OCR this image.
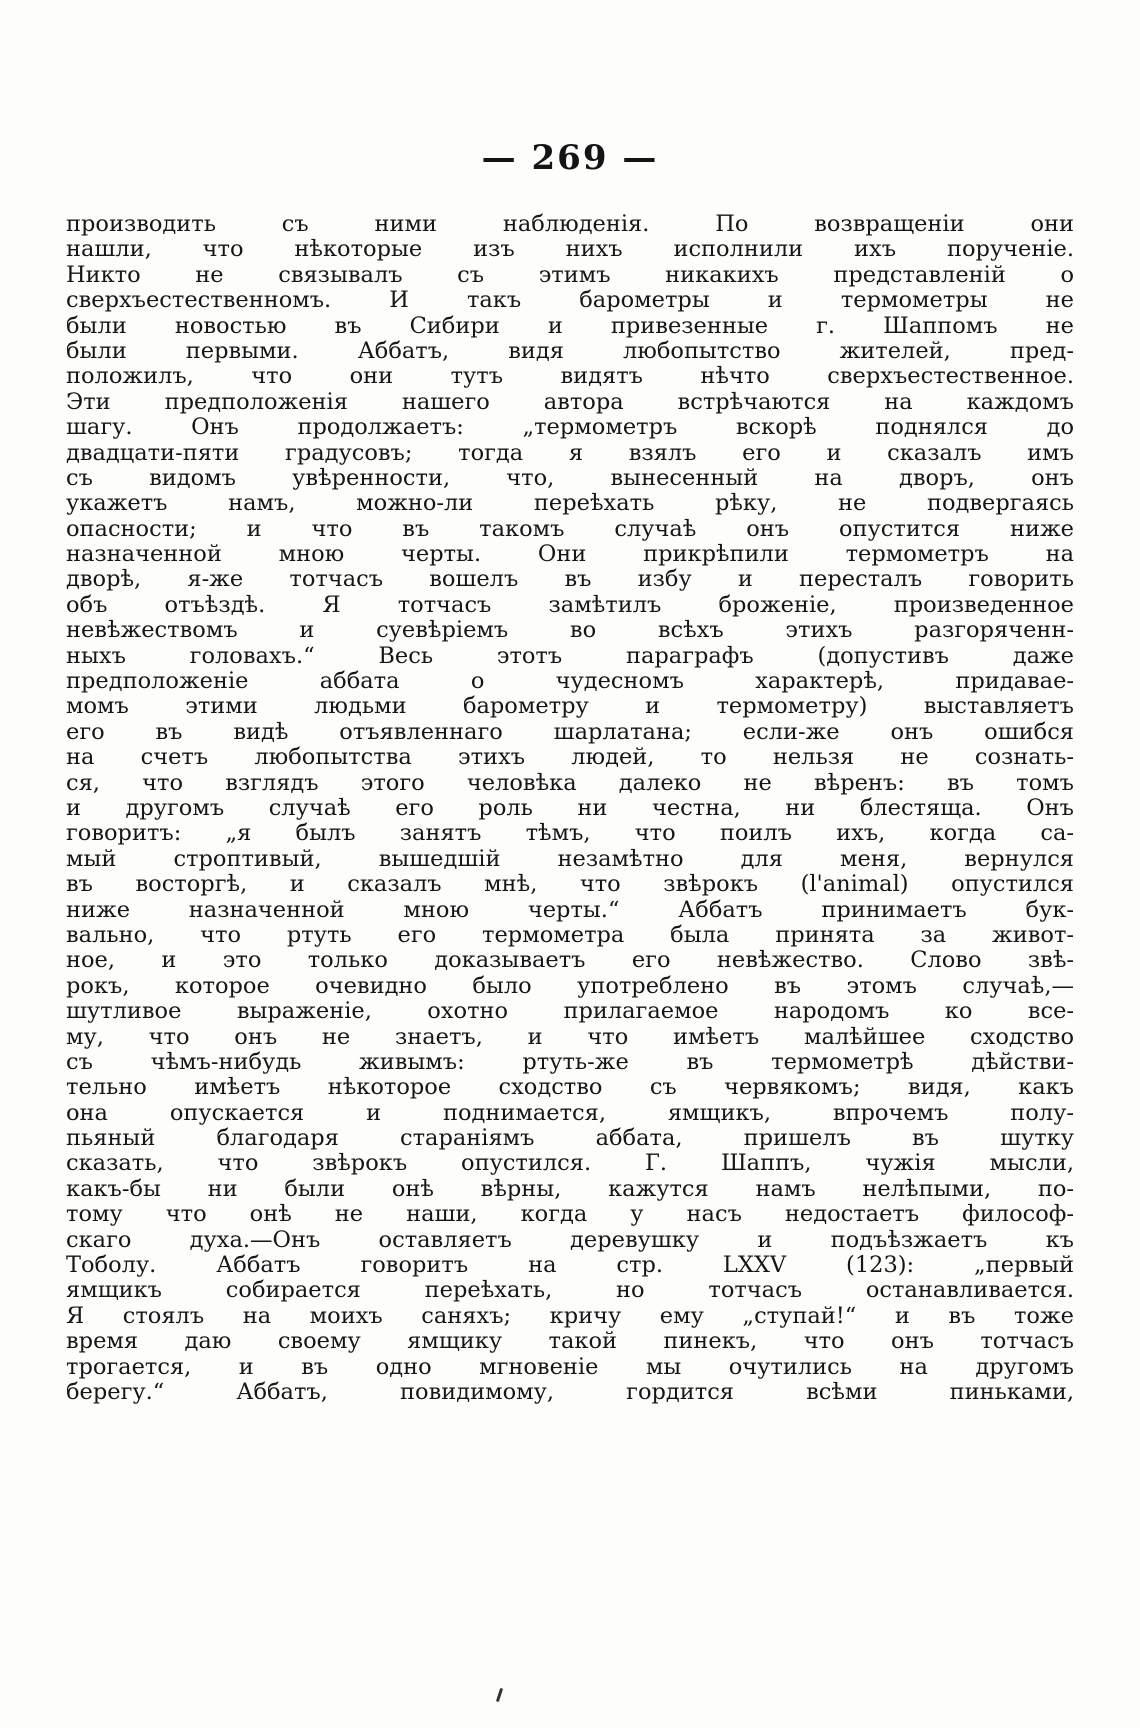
— 269 —
производить съ ними наблюденія. По возвращеніи они
нашли, что нѣкоторые изъ нихъ исполнили ихъ порученіе.
Никто не связывалъ съ этимъ никакихъ представленій о
сверхъестественномъ. И такъ барометры и термометры не
были новостью въ Сибири и привезенные г. Шаппомъ не
были первыми. Аббатъ, видя любопытство жителей, пред-
положилъ, что они тутъ видятъ нѣчто сверхъестественное.
Эти предположенія нашего автора встрѣчаются на каждомъ
шагу. Онъ продолжаетъ: „термометръ вскорѣ поднялся до
двадцати-пяти градусовъ; тогда я взялъ его и сказалъ имъ
съ видомъ увѣренности, что, вынесенный на дворъ, онъ
укажетъ намъ, можно-ли переѣхать рѣку, не подвергаясь
опасности; и что въ такомъ случаѣ онъ опустится ниже
назначенной мною черты. Они прикрѣпили термометръ на
дворѣ, я-же тотчасъ вошелъ въ избу и пересталъ говорить
объ отъѣздѣ. Я тотчасъ замѣтилъ броженіе, произведенное
невѣжествомъ и суевѣріемъ во всѣхъ этихъ разгоряченн-
ныхъ головахъ.“ Весь этотъ параграфъ (допустивъ даже
предположеніе аббата о чудесномъ характерѣ, придавае-
момъ этими людьми барометру и термометру) выставляетъ
его въ видѣ отъявленнаго шарлатана; если-же онъ ошибся
на счетъ любопытства этихъ людей, то нельзя не сознать-
ся, что взглядъ этого человѣка далеко не вѣренъ: въ томъ
и другомъ случаѣ его роль ни честна, ни блестяща. Онъ
говоритъ: „я былъ занятъ тѣмъ, что поилъ ихъ, когда са-
мый строптивый, вышедшій незамѣтно для меня, вернулся
въ восторгѣ, и сказалъ мнѣ, что звѣрокъ (l'animal) опустился
ниже назначенной мною черты.“ Аббатъ принимаетъ бук-
вально, что ртуть его термометра была принята за живот-
ное, и это только доказываетъ его невѣжество. Слово звѣ-
рокъ, которое очевидно было употреблено въ этомъ случаѣ,—
шутливое выраженіе, охотно прилагаемое народомъ ко все-
му, что онъ не знаетъ, и что имѣетъ малѣйшее сходство
съ чѣмъ-нибудь живымъ: ртуть-же въ термометрѣ дѣйстви-
тельно имѣетъ нѣкоторое сходство съ червякомъ; видя, какъ
она опускается и поднимается, ямщикъ, впрочемъ полу-
пьяный благодаря стараніямъ аббата, пришелъ въ шутку
сказать, что звѣрокъ опустился. Г. Шаппъ, чужія мысли,
какъ-бы ни были онѣ вѣрны, кажутся намъ нелѣпыми, по-
тому что онѣ не наши, когда у насъ недостаетъ философ-
скаго духа.—Онъ оставляетъ деревушку и подъѣзжаетъ къ
Тоболу. Аббатъ говоритъ на стр. LXXV (123): „первый
ямщикъ собирается переѣхать, но тотчасъ останавливается.
Я стоялъ на моихъ саняхъ; кричу ему „ступай!“ и въ тоже
время даю своему ямщику такой пинекъ, что онъ тотчасъ
трогается, и въ одно мгновеніе мы очутились на другомъ
берегу.“ Аббатъ, повидимому, гордится всѣми пиньками,
